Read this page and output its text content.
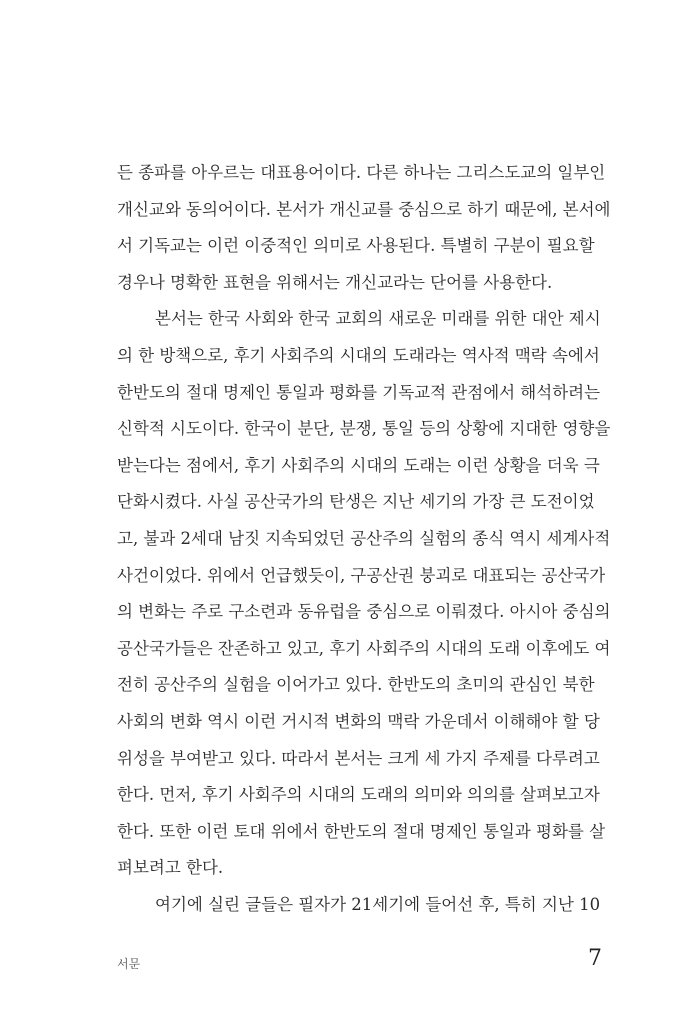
든 종파를 아우르는 대표용어이다. 다른 하나는 그리스도교의 일부인
개신교와 동의어이다. 본서가 개신교를 중심으로 하기 때문에, 본서에
서 기독교는 이런 이중적인 의미로 사용된다. 특별히 구분이 필요할
경우나 명확한 표현을 위해서는 개신교라는 단어를 사용한다.
본서는 한국 사회와 한국 교회의 새로운 미래를 위한 대안 제시
의 한 방책으로, 후기 사회주의 시대의 도래라는 역사적 맥락 속에서
한반도의 절대 명제인 통일과 평화를 기독교적 관점에서 해석하려는
신학적 시도이다. 한국이 분단, 분쟁, 통일 등의 상황에 지대한 영향을
받는다는 점에서, 후기 사회주의 시대의 도래는 이런 상황을 더욱 극
단화시켰다. 사실 공산국가의 탄생은 지난 세기의 가장 큰 도전이었
고, 불과 2세대 남짓 지속되었던 공산주의 실험의 종식 역시 세계사적
사건이었다. 위에서 언급했듯이, 구공산권 붕괴로 대표되는 공산국가
의 변화는 주로 구소련과 동유럽을 중심으로 이뤄졌다. 아시아 중심의
공산국가들은 잔존하고 있고, 후기 사회주의 시대의 도래 이후에도 여
전히 공산주의 실험을 이어가고 있다. 한반도의 초미의 관심인 북한
사회의 변화 역시 이런 거시적 변화의 맥락 가운데서 이해해야 할 당
위성을 부여받고 있다. 따라서 본서는 크게 세 가지 주제를 다루려고
한다. 먼저, 후기 사회주의 시대의 도래의 의미와 의의를 살펴보고자
한다. 또한 이런 토대 위에서 한반도의 절대 명제인 통일과 평화를 살
펴보려고 한다.
여기에 실린 글들은 필자가 21세기에 들어선 후, 특히 지난 10
서문	7
